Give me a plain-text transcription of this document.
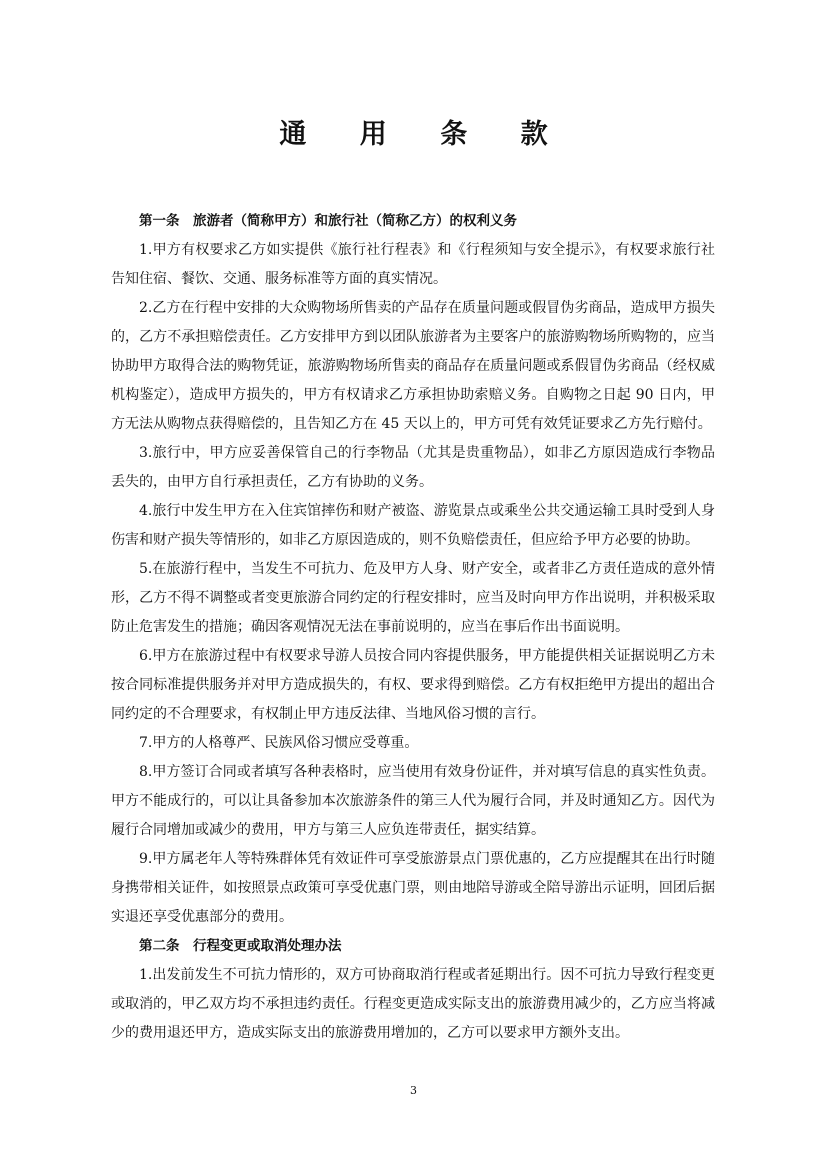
通 用 条 款

第一条　旅游者（简称甲方）和旅行社（简称乙方）的权利义务

1.甲方有权要求乙方如实提供《旅行社行程表》和《行程须知与安全提示》，有权要求旅行社告知住宿、餐饮、交通、服务标准等方面的真实情况。

2.乙方在行程中安排的大众购物场所售卖的产品存在质量问题或假冒伪劣商品，造成甲方损失的，乙方不承担赔偿责任。乙方安排甲方到以团队旅游者为主要客户的旅游购物场所购物的，应当协助甲方取得合法的购物凭证，旅游购物场所售卖的商品存在质量问题或系假冒伪劣商品（经权威机构鉴定），造成甲方损失的，甲方有权请求乙方承担协助索赔义务。自购物之日起 90 日内，甲方无法从购物点获得赔偿的，且告知乙方在 45 天以上的，甲方可凭有效凭证要求乙方先行赔付。

3.旅行中，甲方应妥善保管自己的行李物品（尤其是贵重物品），如非乙方原因造成行李物品丢失的，由甲方自行承担责任，乙方有协助的义务。

4.旅行中发生甲方在入住宾馆摔伤和财产被盗、游览景点或乘坐公共交通运输工具时受到人身伤害和财产损失等情形的，如非乙方原因造成的，则不负赔偿责任，但应给予甲方必要的协助。

5.在旅游行程中，当发生不可抗力、危及甲方人身、财产安全，或者非乙方责任造成的意外情形，乙方不得不调整或者变更旅游合同约定的行程安排时，应当及时向甲方作出说明，并积极采取防止危害发生的措施；确因客观情况无法在事前说明的，应当在事后作出书面说明。

6.甲方在旅游过程中有权要求导游人员按合同内容提供服务，甲方能提供相关证据说明乙方未按合同标准提供服务并对甲方造成损失的，有权、要求得到赔偿。乙方有权拒绝甲方提出的超出合同约定的不合理要求，有权制止甲方违反法律、当地风俗习惯的言行。

7.甲方的人格尊严、民族风俗习惯应受尊重。

8.甲方签订合同或者填写各种表格时，应当使用有效身份证件，并对填写信息的真实性负责。甲方不能成行的，可以让具备参加本次旅游条件的第三人代为履行合同，并及时通知乙方。因代为履行合同增加或减少的费用，甲方与第三人应负连带责任，据实结算。

9.甲方属老年人等特殊群体凭有效证件可享受旅游景点门票优惠的，乙方应提醒其在出行时随身携带相关证件，如按照景点政策可享受优惠门票，则由地陪导游或全陪导游出示证明，回团后据实退还享受优惠部分的费用。

第二条　行程变更或取消处理办法

1.出发前发生不可抗力情形的，双方可协商取消行程或者延期出行。因不可抗力导致行程变更或取消的，甲乙双方均不承担违约责任。行程变更造成实际支出的旅游费用减少的，乙方应当将减少的费用退还甲方，造成实际支出的旅游费用增加的，乙方可以要求甲方额外支出。

3
